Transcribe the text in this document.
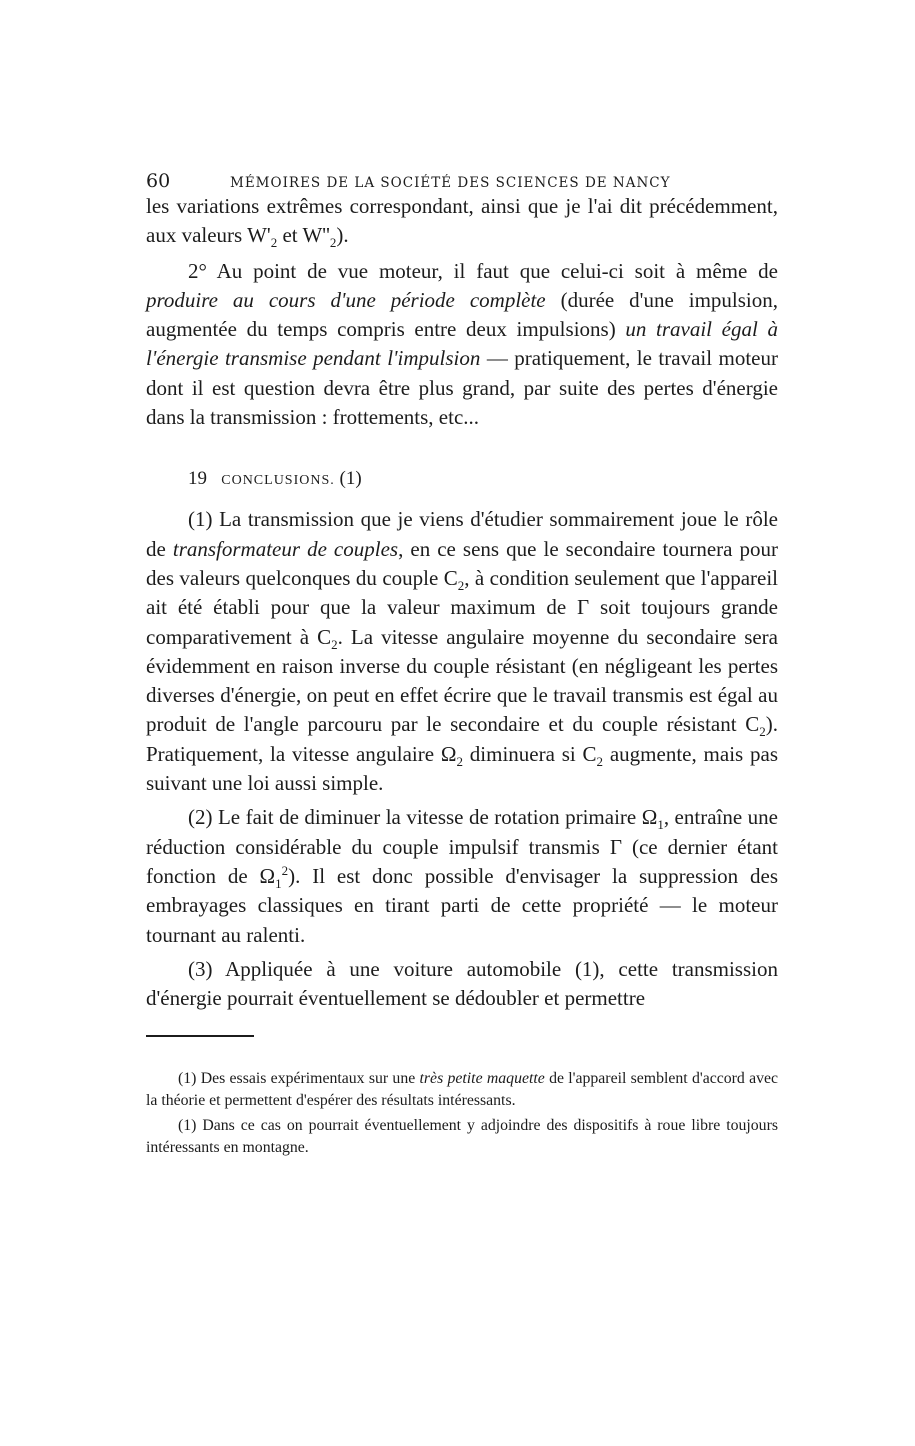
60	MÉMOIRES DE LA SOCIÉTÉ DES SCIENCES DE NANCY

les variations extrêmes correspondant, ainsi que je l'ai dit précédemment, aux valeurs $W'_2$ et $W''_2$).

2° Au point de vue moteur, il faut que celui-ci soit à même de produire au cours d'une période complète (durée d'une impulsion, augmentée du temps compris entre deux impulsions) un travail égal à l'énergie transmise pendant l'impulsion — pratiquement, le travail moteur dont il est question devra être plus grand, par suite des pertes d'énergie dans la transmission : frottements, etc...

19 CONCLUSIONS. (1)

(1) La transmission que je viens d'étudier sommairement joue le rôle de transformateur de couples, en ce sens que le secondaire tournera pour des valeurs quelconques du couple $C_2$, à condition seulement que l'appareil ait été établi pour que la valeur maximum de Γ soit toujours grande comparativement à $C_2$. La vitesse angulaire moyenne du secondaire sera évidemment en raison inverse du couple résistant (en négligeant les pertes diverses d'énergie, on peut en effet écrire que le travail transmis est égal au produit de l'angle parcouru par le secondaire et du couple résistant $C_2$). Pratiquement, la vitesse angulaire $\Omega_2$ diminuera si $C_2$ augmente, mais pas suivant une loi aussi simple.

(2) Le fait de diminuer la vitesse de rotation primaire $\Omega_1$, entraîne une réduction considérable du couple impulsif transmis Γ (ce dernier étant fonction de $\Omega_1^2$). Il est donc possible d'envisager la suppression des embrayages classiques en tirant parti de cette propriété — le moteur tournant au ralenti.

(3) Appliquée à une voiture automobile (1), cette transmission d'énergie pourrait éventuellement se dédoubler et permettre

(1) Des essais expérimentaux sur une très petite maquette de l'appareil semblent d'accord avec la théorie et permettent d'espérer des résultats intéressants.

(1) Dans ce cas on pourrait éventuellement y adjoindre des dispositifs à roue libre toujours intéressants en montagne.
